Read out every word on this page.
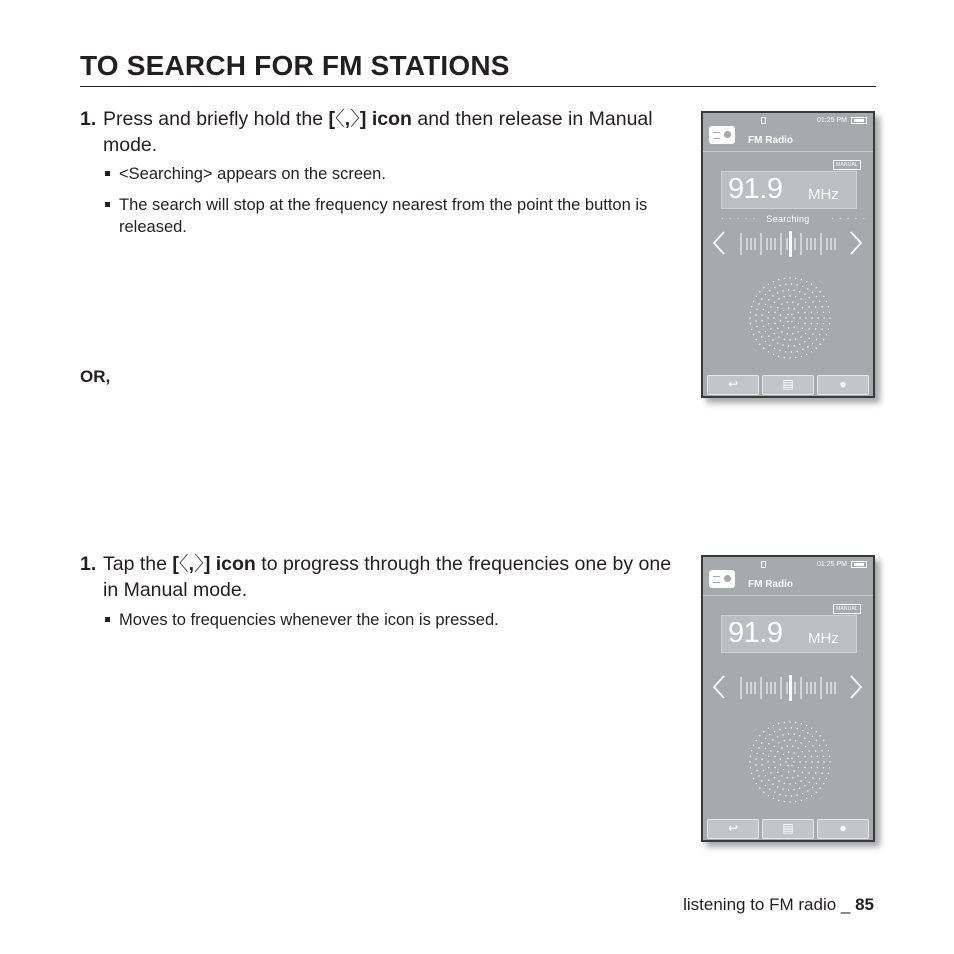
TO SEARCH FOR FM STATIONS
1. Press and briefly hold the [〈,〉] icon and then release in Manual mode.
<Searching> appears on the screen.
The search will stop at the frequency nearest from the point the button is released.
OR,
1. Tap the [〈,〉] icon to progress through the frequencies one by one in Manual mode.
Moves to frequencies whenever the icon is pressed.
01:25 PM
FM Radio
MANUAL
91.9 MHz
· · · · ·	Searching	· · · · ·
↩	▤	●
01:25 PM
FM Radio
MANUAL
91.9 MHz
↩	▤	●
listening to FM radio _ 85
